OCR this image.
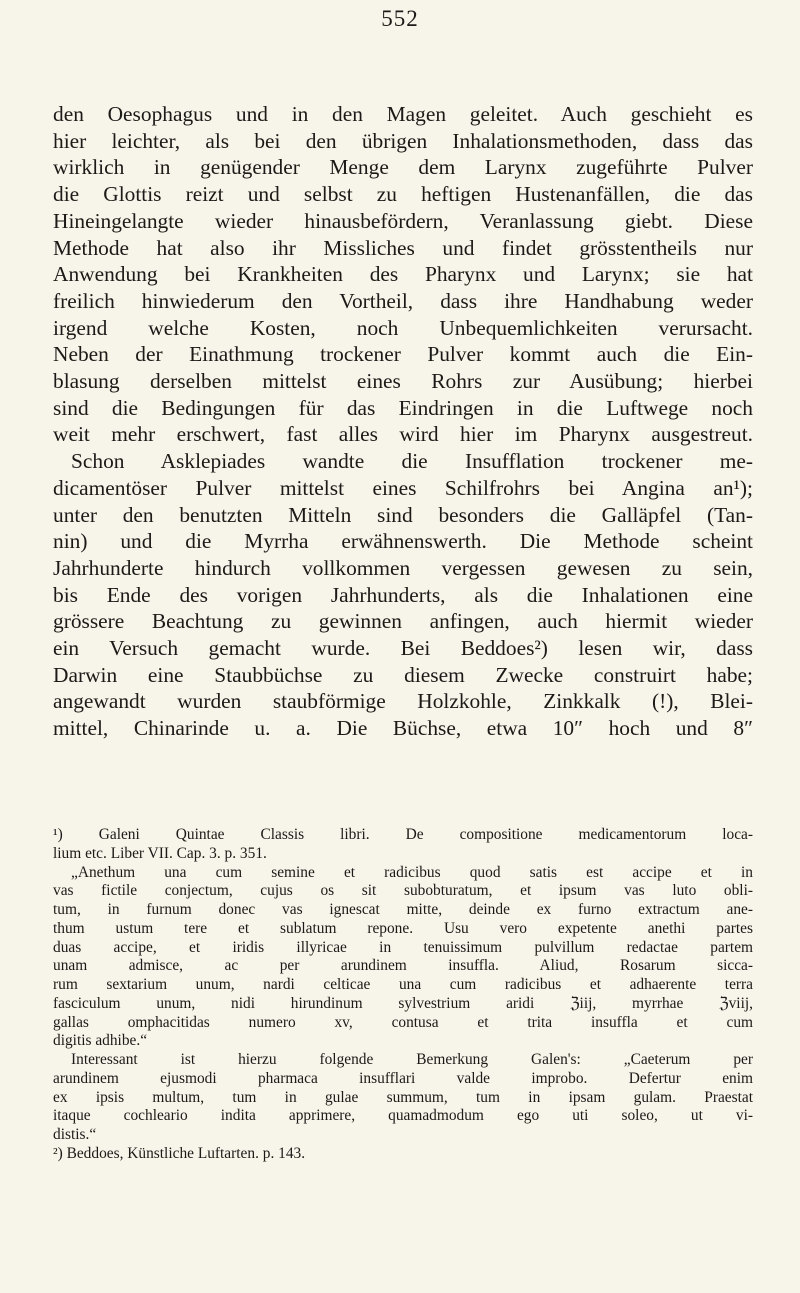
552
den Oesophagus und in den Magen geleitet. Auch geschieht es
hier leichter, als bei den übrigen Inhalationsmethoden, dass das
wirklich in genügender Menge dem Larynx zugeführte Pulver
die Glottis reizt und selbst zu heftigen Hustenanfällen, die das
Hineingelangte wieder hinausbefördern, Veranlassung giebt. Diese
Methode hat also ihr Missliches und findet grösstentheils nur
Anwendung bei Krankheiten des Pharynx und Larynx; sie hat
freilich hinwiederum den Vortheil, dass ihre Handhabung weder
irgend welche Kosten, noch Unbequemlichkeiten verursacht.
Neben der Einathmung trockener Pulver kommt auch die Ein-
blasung derselben mittelst eines Rohrs zur Ausübung; hierbei
sind die Bedingungen für das Eindringen in die Luftwege noch
weit mehr erschwert, fast alles wird hier im Pharynx ausgestreut.
Schon Asklepiades wandte die Insufflation trockener me-
dicamentöser Pulver mittelst eines Schilfrohrs bei Angina an¹);
unter den benutzten Mitteln sind besonders die Galläpfel (Tan-
nin) und die Myrrha erwähnenswerth. Die Methode scheint
Jahrhunderte hindurch vollkommen vergessen gewesen zu sein,
bis Ende des vorigen Jahrhunderts, als die Inhalationen eine
grössere Beachtung zu gewinnen anfingen, auch hiermit wieder
ein Versuch gemacht wurde. Bei Beddoes²) lesen wir, dass
Darwin eine Staubbüchse zu diesem Zwecke construirt habe;
angewandt wurden staubförmige Holzkohle, Zinkkalk (!), Blei-
mittel, Chinarinde u. a. Die Büchse, etwa 10″ hoch und 8″
¹) Galeni Quintae Classis libri. De compositione medicamentorum loca-
lium etc. Liber VII. Cap. 3. p. 351.
„Anethum una cum semine et radicibus quod satis est accipe et in
vas fictile conjectum, cujus os sit subobturatum, et ipsum vas luto obli-
tum, in furnum donec vas ignescat mitte, deinde ex furno extractum ane-
thum ustum tere et sublatum repone. Usu vero expetente anethi partes
duas accipe, et iridis illyricae in tenuissimum pulvillum redactae partem
unam admisce, ac per arundinem insuffla. Aliud, Rosarum sicca-
rum sextarium unum, nardi celticae una cum radicibus et adhaerente terra
fasciculum unum, nidi hirundinum sylvestrium aridi ℨiij, myrrhae ℨviij,
gallas omphacitidas numero xv, contusa et trita insuffla et cum
digitis adhibe.“
Interessant ist hierzu folgende Bemerkung Galen's: „Caeterum per
arundinem ejusmodi pharmaca insufflari valde improbo. Defertur enim
ex ipsis multum, tum in gulae summum, tum in ipsam gulam. Praestat
itaque cochleario indita apprimere, quamadmodum ego uti soleo, ut vi-
distis.“
²) Beddoes, Künstliche Luftarten. p. 143.
